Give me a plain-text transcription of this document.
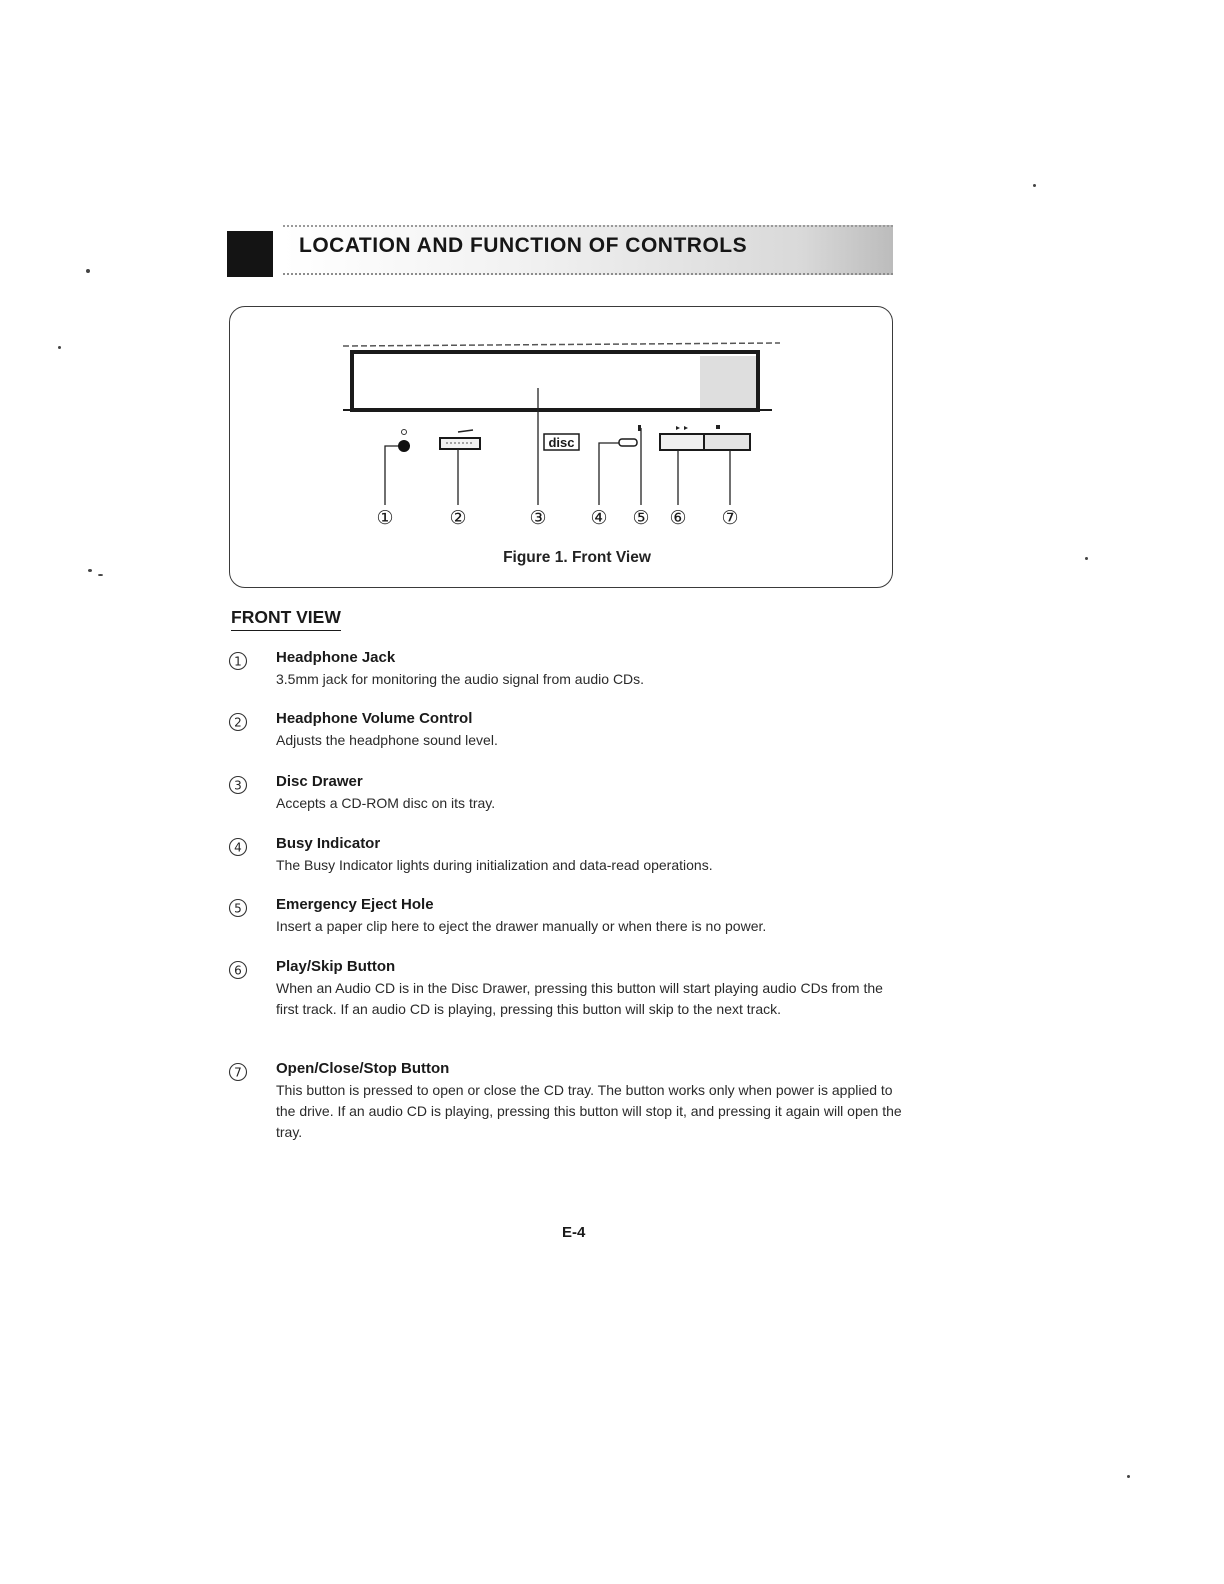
LOCATION AND FUNCTION OF CONTROLS
disc
①	②	③ ④ ⑤ ⑥ ⑦
Figure 1. Front View
FRONT VIEW
1 Headphone Jack
3.5mm jack for monitoring the audio signal from audio CDs.
2 Headphone Volume Control
Adjusts the headphone sound level.
3 Disc Drawer
Accepts a CD-ROM disc on its tray.
4 Busy Indicator
The Busy Indicator lights during initialization and data-read operations.
5 Emergency Eject Hole
Insert a paper clip here to eject the drawer manually or when there is no power.
6 Play/Skip Button
When an Audio CD is in the Disc Drawer, pressing this button will start playing audio CDs from the first track. If an audio CD is playing, pressing this button will skip to the next track.
7 Open/Close/Stop Button
This button is pressed to open or close the CD tray. The button works only when power is applied to the drive. If an audio CD is playing, pressing this button will stop it, and pressing it again will open the tray.
E-4
